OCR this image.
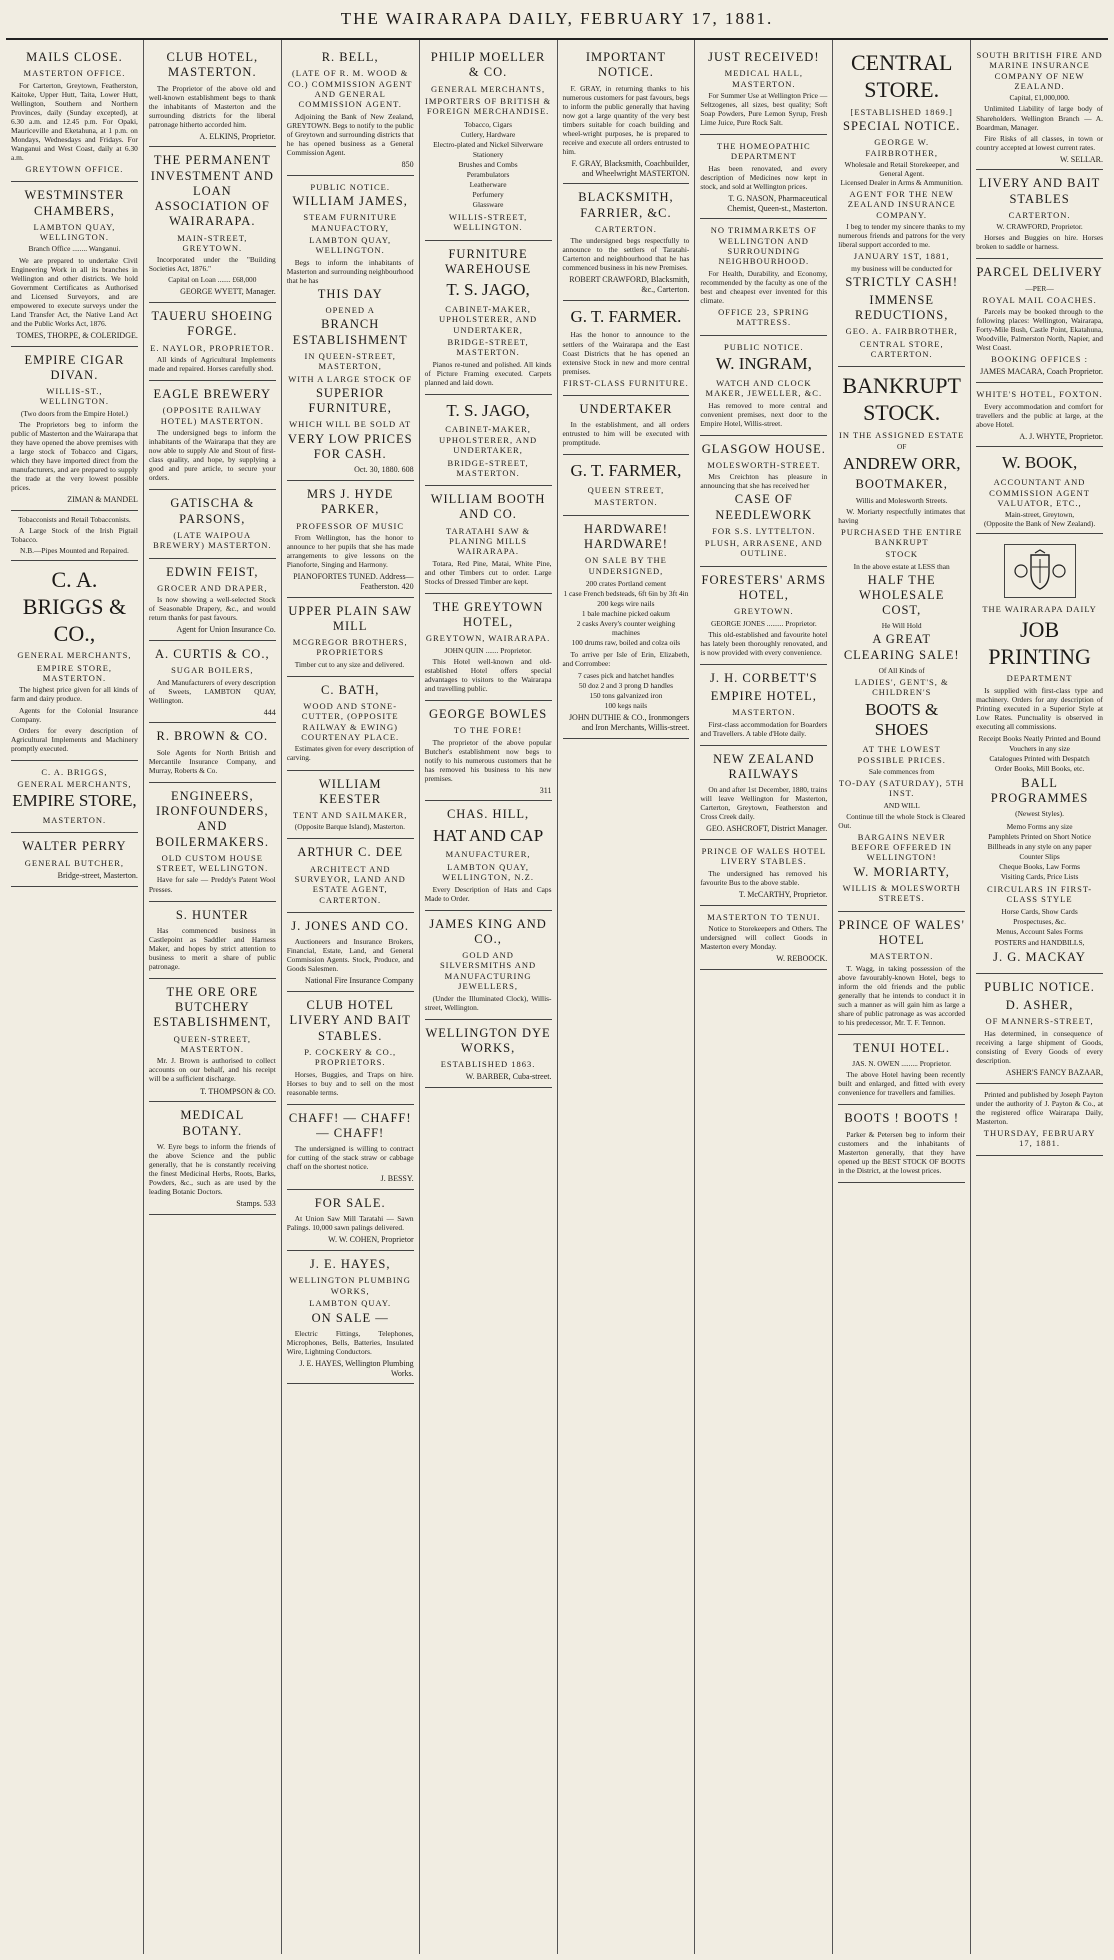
THE WAIRARAPA DAILY, FEBRUARY 17, 1881.
MAILS CLOSE.
MASTERTON OFFICE.
For Carterton, Greytown, Featherston, Kaitoke, Upper Hutt, Taita, Lower Hutt, Wellington, Southern and Northern Provinces, daily (Sunday excepted), at 6.30 a.m. and 12.45 p.m. For Opaki, Mauriceville and Eketahuna, at 1 p.m. on Mondays, Wednesdays and Fridays. For Wanganui and West Coast, daily at 6.30 a.m.
GREYTOWN OFFICE.
WESTMINSTER CHAMBERS,
LAMBTON QUAY, WELLINGTON.
Branch Office ........ Wanganui.
We are prepared to undertake Civil Engineering Work in all its branches in Wellington and other districts. We hold Government Certificates as Authorised and Licensed Surveyors, and are empowered to execute surveys under the Land Transfer Act, the Native Land Act and the Public Works Act, 1876.
TOMES, THORPE, & COLERIDGE.
EMPIRE CIGAR DIVAN.
WILLIS-ST., WELLINGTON.
(Two doors from the Empire Hotel.)
The Proprietors beg to inform the public of Masterton and the Wairarapa that they have opened the above premises with a large stock of Tobacco and Cigars, which they have imported direct from the manufacturers, and are prepared to supply the trade at the very lowest possible prices.
ZIMAN & MANDEL
Tobacconists and Retail Tobacconists.
A Large Stock of the Irish Pigtail Tobacco.
N.B.—Pipes Mounted and Repaired.
C. A. BRIGGS & CO.,
GENERAL MERCHANTS,
EMPIRE STORE, MASTERTON.
The highest price given for all kinds of farm and dairy produce.
Agents for the Colonial Insurance Company.
Orders for every description of Agricultural Implements and Machinery promptly executed.
C. A. BRIGGS,
GENERAL MERCHANTS,
EMPIRE STORE,
MASTERTON.
WALTER PERRY
GENERAL BUTCHER,
Bridge-street, Masterton.
CLUB HOTEL, MASTERTON.
The Proprietor of the above old and well-known establishment begs to thank the inhabitants of Masterton and the surrounding districts for the liberal patronage hitherto accorded him.
A. ELKINS, Proprietor.
THE PERMANENT INVESTMENT AND LOAN ASSOCIATION OF WAIRARAPA.
MAIN-STREET, GREYTOWN.
Incorporated under the "Building Societies Act, 1876."
Capital on Loan ....... £68,000
GEORGE WYETT, Manager.
TAUERU SHOEING FORGE.
E. NAYLOR, PROPRIETOR.
All kinds of Agricultural Implements made and repaired. Horses carefully shod.
EAGLE BREWERY
(OPPOSITE RAILWAY HOTEL) MASTERTON.
The undersigned begs to inform the inhabitants of the Wairarapa that they are now able to supply Ale and Stout of first-class quality, and hope, by supplying a good and pure article, to secure your orders.
GATISCHA & PARSONS,
(LATE WAIPOUA BREWERY) MASTERTON.
EDWIN FEIST,
GROCER AND DRAPER,
Is now showing a well-selected Stock of Seasonable Drapery, &c., and would return thanks for past favours.
Agent for Union Insurance Co.
A. CURTIS & CO.,
SUGAR BOILERS,
And Manufacturers of every description of Sweets, LAMBTON QUAY, Wellington.
444
R. BROWN & CO.
Sole Agents for North British and Mercantile Insurance Company, and Murray, Roberts & Co.
ENGINEERS, IRONFOUNDERS, AND BOILERMAKERS.
OLD CUSTOM HOUSE STREET, WELLINGTON.
Have for sale — Preddy's Patent Wool Presses.
S. HUNTER
Has commenced business in Castlepoint as Saddler and Harness Maker, and hopes by strict attention to business to merit a share of public patronage.
THE ORE ORE BUTCHERY ESTABLISHMENT,
QUEEN-STREET, MASTERTON.
Mr. J. Brown is authorised to collect accounts on our behalf, and his receipt will be a sufficient discharge.
T. THOMPSON & CO.
MEDICAL BOTANY.
W. Eyre begs to inform the friends of the above Science and the public generally, that he is constantly receiving the finest Medicinal Herbs, Roots, Barks, Powders, &c., such as are used by the leading Botanic Doctors.
Stamps. 533
R. BELL,
(LATE OF R. M. WOOD & CO.) COMMISSION AGENT AND GENERAL COMMISSION AGENT.
Adjoining the Bank of New Zealand, GREYTOWN. Begs to notify to the public of Greytown and surrounding districts that he has opened business as a General Commission Agent.
850
PUBLIC NOTICE.
WILLIAM JAMES,
STEAM FURNITURE MANUFACTORY,
LAMBTON QUAY, WELLINGTON.
Begs to inform the inhabitants of Masterton and surrounding neighbourhood that he has
THIS DAY
OPENED A
BRANCH ESTABLISHMENT
IN QUEEN-STREET, MASTERTON,
WITH A LARGE STOCK OF
SUPERIOR FURNITURE,
WHICH WILL BE SOLD AT
VERY LOW PRICES FOR CASH.
Oct. 30, 1880. 608
MRS J. HYDE PARKER,
PROFESSOR OF MUSIC
From Wellington, has the honor to announce to her pupils that she has made arrangements to give lessons on the Pianoforte, Singing and Harmony.
PIANOFORTES TUNED. Address—Featherston. 420
UPPER PLAIN SAW MILL
MCGREGOR BROTHERS, PROPRIETORS
Timber cut to any size and delivered.
C. BATH,
WOOD AND STONE-CUTTER, (OPPOSITE RAILWAY & EWING) COURTENAY PLACE.
Estimates given for every description of carving.
WILLIAM KEESTER
TENT AND SAILMAKER,
(Opposite Barque Island), Masterton.
ARTHUR C. DEE
ARCHITECT AND SURVEYOR, LAND AND ESTATE AGENT, CARTERTON.
J. JONES AND CO.
Auctioneers and Insurance Brokers, Financial, Estate, Land, and General Commission Agents. Stock, Produce, and Goods Salesmen.
National Fire Insurance Company
CLUB HOTEL LIVERY AND BAIT STABLES.
P. COCKERY & CO., PROPRIETORS.
Horses, Buggies, and Traps on hire. Horses to buy and to sell on the most reasonable terms.
CHAFF! — CHAFF! — CHAFF!
The undersigned is willing to contract for cutting of the stack straw or cabbage chaff on the shortest notice.
J. BESSY.
FOR SALE.
At Union Saw Mill Taratahi — Sawn Palings. 10,000 sawn palings delivered.
W. W. COHEN, Proprietor
J. E. HAYES,
WELLINGTON PLUMBING WORKS,
LAMBTON QUAY.
ON SALE —
Electric Fittings, Telephones, Microphones, Bells, Batteries, Insulated Wire, Lightning Conductors.
J. E. HAYES, Wellington Plumbing Works.
PHILIP MOELLER & CO.
GENERAL MERCHANTS,
IMPORTERS OF BRITISH & FOREIGN MERCHANDISE.
Tobacco, Cigars
Cutlery, Hardware
Electro-plated and Nickel Silverware
Stationery
Brushes and Combs
Perambulators
Leatherware
Perfumery
Glassware
WILLIS-STREET, WELLINGTON.
FURNITURE WAREHOUSE
T. S. JAGO,
CABINET-MAKER, UPHOLSTERER, AND UNDERTAKER,
BRIDGE-STREET, MASTERTON.
Pianos re-tuned and polished. All kinds of Picture Framing executed. Carpets planned and laid down.
T. S. JAGO,
CABINET-MAKER, UPHOLSTERER, AND UNDERTAKER,
BRIDGE-STREET, MASTERTON.
WILLIAM BOOTH AND CO.
TARATAHI SAW & PLANING MILLS WAIRARAPA.
Totara, Red Pine, Matai, White Pine, and other Timbers cut to order. Large Stocks of Dressed Timber are kept.
THE GREYTOWN HOTEL,
GREYTOWN, WAIRARAPA.
JOHN QUIN ....... Proprietor.
This Hotel well-known and old-established Hotel offers special advantages to visitors to the Wairarapa and travelling public.
GEORGE BOWLES
TO THE FORE!
The proprietor of the above popular Butcher's establishment now begs to notify to his numerous customers that he has removed his business to his new premises.
311
CHAS. HILL,
HAT AND CAP
MANUFACTURER,
LAMBTON QUAY, WELLINGTON, N.Z.
Every Description of Hats and Caps Made to Order.
JAMES KING AND CO.,
GOLD AND SILVERSMITHS AND MANUFACTURING JEWELLERS,
(Under the Illuminated Clock), Willis-street, Wellington.
WELLINGTON DYE WORKS,
ESTABLISHED 1863.
W. BARBER, Cuba-street.
IMPORTANT NOTICE.
F. GRAY, in returning thanks to his numerous customers for past favours, begs to inform the public generally that having now got a large quantity of the very best timbers suitable for coach building and wheel-wright purposes, he is prepared to receive and execute all orders entrusted to him.
F. GRAY, Blacksmith, Coachbuilder, and Wheelwright MASTERTON.
BLACKSMITH, FARRIER, &C.
CARTERTON.
The undersigned begs respectfully to announce to the settlers of Taratahi-Carterton and neighbourhood that he has commenced business in his new Premises.
ROBERT CRAWFORD, Blacksmith, &c., Carterton.
G. T. FARMER.
Has the honor to announce to the settlers of the Wairarapa and the East Coast Districts that he has opened an extensive Stock in new and more central premises.
FIRST-CLASS FURNITURE.
UNDERTAKER
In the establishment, and all orders entrusted to him will be executed with promptitude.
G. T. FARMER,
QUEEN STREET,
MASTERTON.
HARDWARE! HARDWARE!
ON SALE BY THE UNDERSIGNED,
200 crates Portland cement
1 case French bedsteads, 6ft 6in by 3ft 4in
200 kegs wire nails
1 bale machine picked oakum
2 casks Avery's counter weighing machines
100 drums raw, boiled and colza oils
To arrive per Isle of Erin, Elizabeth, and Corrombee:
7 cases pick and hatchet handles
50 doz 2 and 3 prong D handles
150 tons galvanized iron
100 kegs nails
JOHN DUTHIE & CO., Ironmongers and Iron Merchants, Willis-street.
JUST RECEIVED!
MEDICAL HALL, MASTERTON.
For Summer Use at Wellington Price — Seltzogenes, all sizes, best quality; Soft Soap Powders, Pure Lemon Syrup, Fresh Lime Juice, Pure Rock Salt.
THE HOMEOPATHIC DEPARTMENT
Has been renovated, and every description of Medicines now kept in stock, and sold at Wellington prices.
T. G. NASON, Pharmaceutical Chemist, Queen-st., Masterton.
NO TRIMMARKETS OF WELLINGTON AND SURROUNDING NEIGHBOURHOOD.
For Health, Durability, and Economy, recommended by the faculty as one of the best and cheapest ever invented for this climate.
OFFICE 23, SPRING MATTRESS.
PUBLIC NOTICE.
W. INGRAM,
WATCH AND CLOCK MAKER, JEWELLER, &C.
Has removed to more central and convenient premises, next door to the Empire Hotel, Willis-street.
GLASGOW HOUSE.
MOLESWORTH-STREET.
Mrs Creichton has pleasure in announcing that she has received her
CASE OF NEEDLEWORK
FOR S.S. LYTTELTON.
PLUSH, ARRASENE, AND OUTLINE.
FORESTERS' ARMS HOTEL,
GREYTOWN.
GEORGE JONES ......... Proprietor.
This old-established and favourite hotel has lately been thoroughly renovated, and is now provided with every convenience.
J. H. CORBETT'S
EMPIRE HOTEL,
MASTERTON.
First-class accommodation for Boarders and Travellers. A table d'Hote daily.
NEW ZEALAND RAILWAYS
On and after 1st December, 1880, trains will leave Wellington for Masterton, Carterton, Greytown, Featherston and Cross Creek daily.
GEO. ASHCROFT, District Manager.
PRINCE OF WALES HOTEL LIVERY STABLES.
The undersigned has removed his favourite Bus to the above stable.
T. McCARTHY, Proprietor.
MASTERTON TO TENUI.
Notice to Storekeepers and Others. The undersigned will collect Goods in Masterton every Monday.
W. REBOOCK.
CENTRAL STORE.
[ESTABLISHED 1869.]
SPECIAL NOTICE.
GEORGE W. FAIRBROTHER,
Wholesale and Retail Storekeeper, and General Agent.
Licensed Dealer in Arms & Ammunition.
AGENT FOR THE NEW ZEALAND INSURANCE COMPANY.
I beg to tender my sincere thanks to my numerous friends and patrons for the very liberal support accorded to me.
JANUARY 1ST, 1881,
my business will be conducted for
STRICTLY CASH!
IMMENSE REDUCTIONS,
GEO. A. FAIRBROTHER,
CENTRAL STORE, CARTERTON.
BANKRUPT STOCK.
IN THE ASSIGNED ESTATE
OF
ANDREW ORR,
BOOTMAKER,
Willis and Molesworth Streets.
W. Moriarty respectfully intimates that having
PURCHASED THE ENTIRE BANKRUPT
STOCK
In the above estate at LESS than
HALF THE WHOLESALE COST,
He Will Hold
A GREAT CLEARING SALE!
Of All Kinds of
LADIES', GENT'S, & CHILDREN'S
BOOTS & SHOES
AT THE LOWEST POSSIBLE PRICES.
Sale commences from
TO-DAY (SATURDAY), 5TH INST.
AND WILL
Continue till the whole Stock is Cleared Out.
BARGAINS NEVER BEFORE OFFERED IN WELLINGTON!
W. MORIARTY,
WILLIS & MOLESWORTH STREETS.
PRINCE OF WALES' HOTEL
MASTERTON.
T. Wagg, in taking possession of the above favourably-known Hotel, begs to inform the old friends and the public generally that he intends to conduct it in such a manner as will gain him as large a share of public patronage as was accorded to his predecessor, Mr. T. F. Tennon.
TENUI HOTEL.
JAS. N. OWEN ......... Proprietor.
The above Hotel having been recently built and enlarged, and fitted with every convenience for travellers and families.
BOOTS ! BOOTS !
Parker & Petersen beg to inform their customers and the inhabitants of Masterton generally, that they have opened up the BEST STOCK OF BOOTS in the District, at the lowest prices.
SOUTH BRITISH FIRE AND MARINE INSURANCE COMPANY OF NEW ZEALAND.
Capital, £1,000,000.
Unlimited Liability of large body of Shareholders. Wellington Branch — A. Boardman, Manager.
Fire Risks of all classes, in town or country accepted at lowest current rates.
W. SELLAR.
LIVERY AND BAIT STABLES
CARTERTON.
W. CRAWFORD, Proprietor.
Horses and Buggies on hire. Horses broken to saddle or harness.
PARCEL DELIVERY
—PER—
ROYAL MAIL COACHES.
Parcels may be booked through to the following places: Wellington, Wairarapa, Forty-Mile Bush, Castle Point, Ekatahuna, Woodville, Palmerston North, Napier, and West Coast.
BOOKING OFFICES :
JAMES MACARA, Coach Proprietor.
WHITE'S HOTEL, FOXTON.
Every accommodation and comfort for travellers and the public at large, at the above Hotel.
A. J. WHYTE, Proprietor.
W. BOOK,
ACCOUNTANT AND COMMISSION AGENT VALUATOR, ETC.,
Main-street, Greytown,
(Opposite the Bank of New Zealand).
THE WAIRARAPA DAILY
JOB PRINTING
DEPARTMENT
Is supplied with first-class type and machinery. Orders for any description of Printing executed in a Superior Style at Low Rates. Punctuality is observed in executing all commissions.
Receipt Books Neatly Printed and Bound
Vouchers in any size
Catalogues Printed with Despatch
Order Books, Mill Books, etc.
BALL PROGRAMMES
(Newest Styles).
Memo Forms any size
Pamphlets Printed on Short Notice
Billheads in any style on any paper
Counter Slips
Cheque Books, Law Forms
Visiting Cards, Price Lists
CIRCULARS IN FIRST-CLASS STYLE
Horse Cards, Show Cards
Prospectuses, &c.
Menus, Account Sales Forms
POSTERS and HANDBILLS,
J. G. MACKAY
PUBLIC NOTICE.
D. ASHER,
OF MANNERS-STREET,
Has determined, in consequence of receiving a large shipment of Goods, consisting of Every Goods of every description.
ASHER'S FANCY BAZAAR,
Printed and published by Joseph Payton under the authority of J. Payton & Co., at the registered office Wairarapa Daily, Masterton.
THURSDAY, FEBRUARY 17, 1881.
